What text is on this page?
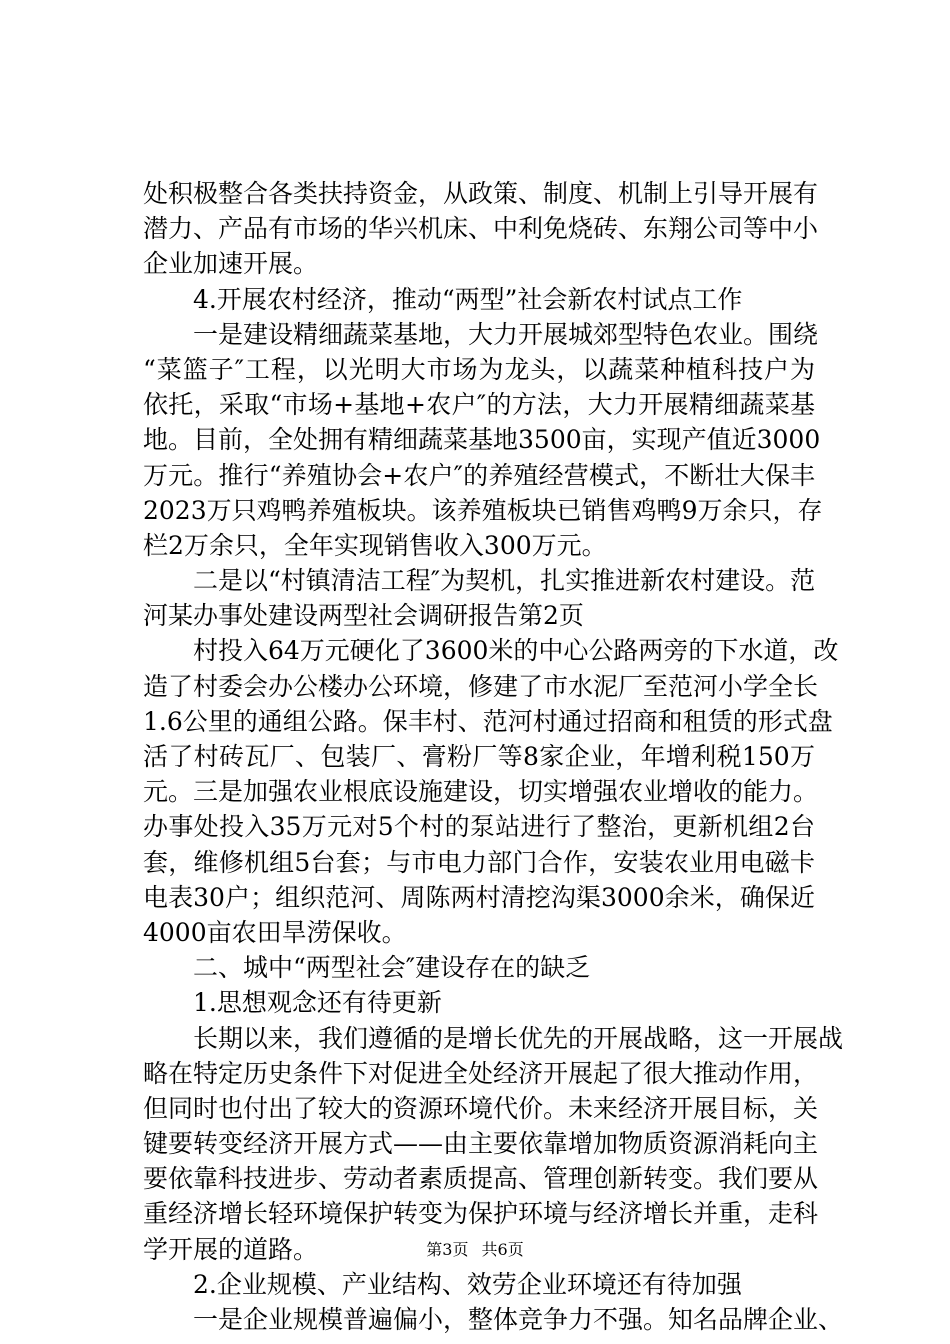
处积极整合各类扶持资金，从政策、制度、机制上引导开展有
潜力、产品有市场的华兴机床、中利免烧砖、东翔公司等中小
企业加速开展。
4.开展农村经济，推动“两型”社会新农村试点工作
一是建设精细蔬菜基地，大力开展城郊型特色农业。围绕
“菜篮子″工程，以光明大市场为龙头，以蔬菜种植科技户为
依托，采取“市场+基地+农户″的方法，大力开展精细蔬菜基
地。目前，全处拥有精细蔬菜基地3500亩，实现产值近3000
万元。推行“养殖协会+农户″的养殖经营模式，不断壮大保丰
2023万只鸡鸭养殖板块。该养殖板块已销售鸡鸭9万余只，存
栏2万余只，全年实现销售收入300万元。
二是以“村镇清洁工程″为契机，扎实推进新农村建设。范
河某办事处建设两型社会调研报告第2页
村投入64万元硬化了3600米的中心公路两旁的下水道，改
造了村委会办公楼办公环境，修建了市水泥厂至范河小学全长
1.6公里的通组公路。保丰村、范河村通过招商和租赁的形式盘
活了村砖瓦厂、包装厂、膏粉厂等8家企业，年增利税150万
元。三是加强农业根底设施建设，切实增强农业增收的能力。
办事处投入35万元对5个村的泵站进行了整治，更新机组2台
套，维修机组5台套；与市电力部门合作，安装农业用电磁卡
电表30户；组织范河、周陈两村清挖沟渠3000余米，确保近
4000亩农田旱涝保收。
二、城中“两型社会″建设存在的缺乏
1.思想观念还有待更新
长期以来，我们遵循的是增长优先的开展战略，这一开展战
略在特定历史条件下对促进全处经济开展起了很大推动作用，
但同时也付出了较大的资源环境代价。未来经济开展目标，关
键要转变经济开展方式——由主要依靠增加物质资源消耗向主
要依靠科技进步、劳动者素质提高、管理创新转变。我们要从
重经济增长轻环境保护转变为保护环境与经济增长并重，走科
学开展的道路。
2.企业规模、产业结构、效劳企业环境还有待加强
一是企业规模普遍偏小，整体竞争力不强。知名品牌企业、
第3页 共6页
